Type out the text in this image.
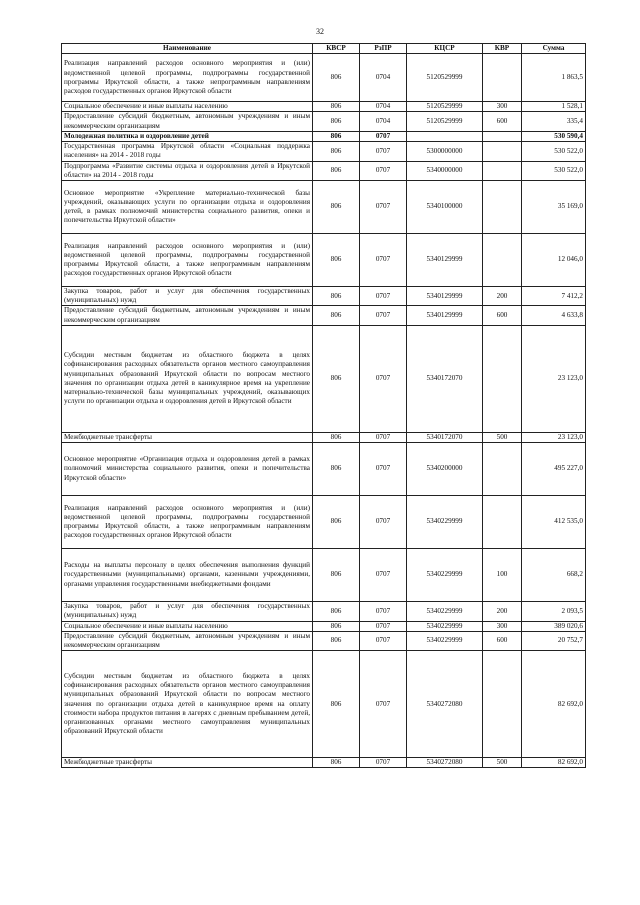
32
Наименование	КВСР	РзПР	КЦСР	КВР	Сумма
Реализация направлений расходов основного мероприятия и (или) ведомственной целевой программы, подпрограммы государственной программы Иркутской области, а также непрограммным направлениям расходов государственных органов Иркутской области	806	0704	5120529999		1 863,5
Социальное обеспечение и иные выплаты населению	806	0704	5120529999	300	1 528,1
Предоставление субсидий бюджетным, автономным учреждениям и иным некоммерческим организациям	806	0704	5120529999	600	335,4
Молодежная политика и оздоровление детей	806	0707			530 590,4
Государственная программа Иркутской области «Социальная поддержка населения» на 2014 - 2018 годы	806	0707	5300000000		530 522,0
Подпрограмма «Развитие системы отдыха и оздоровления детей в Иркутской области» на 2014 - 2018 годы	806	0707	5340000000		530 522,0
Основное мероприятие «Укрепление материально-технической базы учреждений, оказывающих услуги по организации отдыха и оздоровления детей, в рамках полномочий министерства социального развития, опеки и попечительства Иркутской области»	806	0707	5340100000		35 169,0
Реализация направлений расходов основного мероприятия и (или) ведомственной целевой программы, подпрограммы государственной программы Иркутской области, а также непрограммным направлениям расходов государственных органов Иркутской области	806	0707	5340129999		12 046,0
Закупка товаров, работ и услуг для обеспечения государственных (муниципальных) нужд	806	0707	5340129999	200	7 412,2
Предоставление субсидий бюджетным, автономным учреждениям и иным некоммерческим организациям	806	0707	5340129999	600	4 633,8
Субсидии местным бюджетам из областного бюджета в целях софинансирования расходных обязательств органов местного самоуправления муниципальных образований Иркутской области по вопросам местного значения по организации отдыха детей в каникулярное время на укрепление материально-технической базы муниципальных учреждений, оказывающих услуги по организации отдыха и оздоровления детей в Иркутской области	806	0707	5340172070		23 123,0
Межбюджетные трансферты	806	0707	5340172070	500	23 123,0
Основное мероприятие «Организация отдыха и оздоровления детей в рамках полномочий министерства социального развития, опеки и попечительства Иркутской области»	806	0707	5340200000		495 227,0
Реализация направлений расходов основного мероприятия и (или) ведомственной целевой программы, подпрограммы государственной программы Иркутской области, а также непрограммным направлениям расходов государственных органов Иркутской области	806	0707	5340229999		412 535,0
Расходы на выплаты персоналу в целях обеспечения выполнения функций государственными (муниципальными) органами, казенными учреждениями, органами управления государственными внебюджетными фондами	806	0707	5340229999	100	668,2
Закупка товаров, работ и услуг для обеспечения государственных (муниципальных) нужд	806	0707	5340229999	200	2 093,5
Социальное обеспечение и иные выплаты населению	806	0707	5340229999	300	389 020,6
Предоставление субсидий бюджетным, автономным учреждениям и иным некоммерческим организациям	806	0707	5340229999	600	20 752,7
Субсидии местным бюджетам из областного бюджета в целях софинансирования расходных обязательств органов местного самоуправления муниципальных образований Иркутской области по вопросам местного значения по организации отдыха детей в каникулярное время на оплату стоимости набора продуктов питания в лагерях с дневным пребыванием детей, организованных органами местного самоуправления муниципальных образований Иркутской области	806	0707	5340272080		82 692,0
Межбюджетные трансферты	806	0707	5340272080	500	82 692,0
